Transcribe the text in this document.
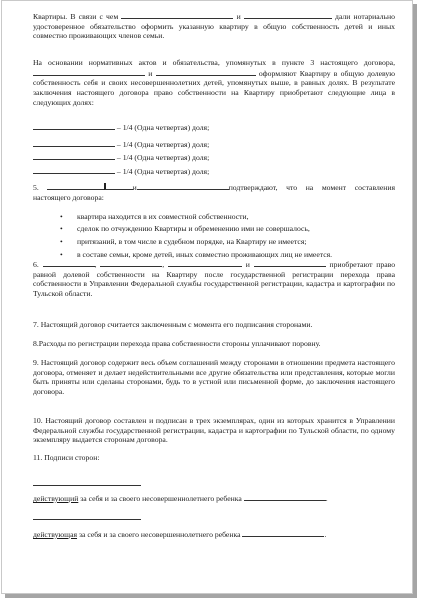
Квартиры. В связи с чем	и	дали нотариально удостоверенное обязательство оформить указанную квартиру в общую собственность детей и иных совместно проживающих членов семьи.
На основании нормативных актов и обязательства, упомянутых в пункте 3 настоящего договора,  и	оформляют Квартиру в общую долевую собственность себя и своих несовершеннолетних детей, упомянутых выше, в равных долях. В результате заключения настоящего договора право собственности на Квартиру приобретают следующие лица в следующих долях:
– 1/4 (Одна четвертая) доля;
– 1/4 (Одна четвертая) доля;
– 1/4 (Одна четвертая) доля;
– 1/4 (Одна четвертая) доля;
5.	и	подтверждают, что на момент составления настоящего договора:
• квартира находится в их совместной собственности,
• сделок по отчуждению Квартиры и обременению ими не совершалось,
• притязаний, в том числе в судебном порядке, на Квартиру не имеется;
• в составе семьи, кроме детей, иных совместно проживающих лиц не имеется.
6.	,	,	и	приобретают право равной долевой собственности на Квартиру после государственной регистрации перехода права собственности в Управлении Федеральной службы государственной регистрации, кадастра и картографии по Тульской области.
7. Настоящий договор считается заключенным с момента его подписания сторонами.
8.Расходы по регистрации перехода права собственности стороны уплачивают поровну.
9. Настоящий договор содержит весь объем соглашений между сторонами в отношении предмета настоящего договора, отменяет и делает недействительными все другие обязательства или представления, которые могли быть приняты или сделаны сторонами, будь то в устной или письменной форме, до заключения настоящего договора.
10. Настоящий договор составлен и подписан в трех экземплярах, один из которых хранится в Управлении Федеральной службы государственной регистрации, кадастра и картографии по Тульской области, по одному экземпляру выдается сторонам договора.
11. Подписи сторон:
действующий за себя и за своего несовершеннолетнего ребенка	.
действующая за себя и за своего несовершеннолетнего ребенка	.
